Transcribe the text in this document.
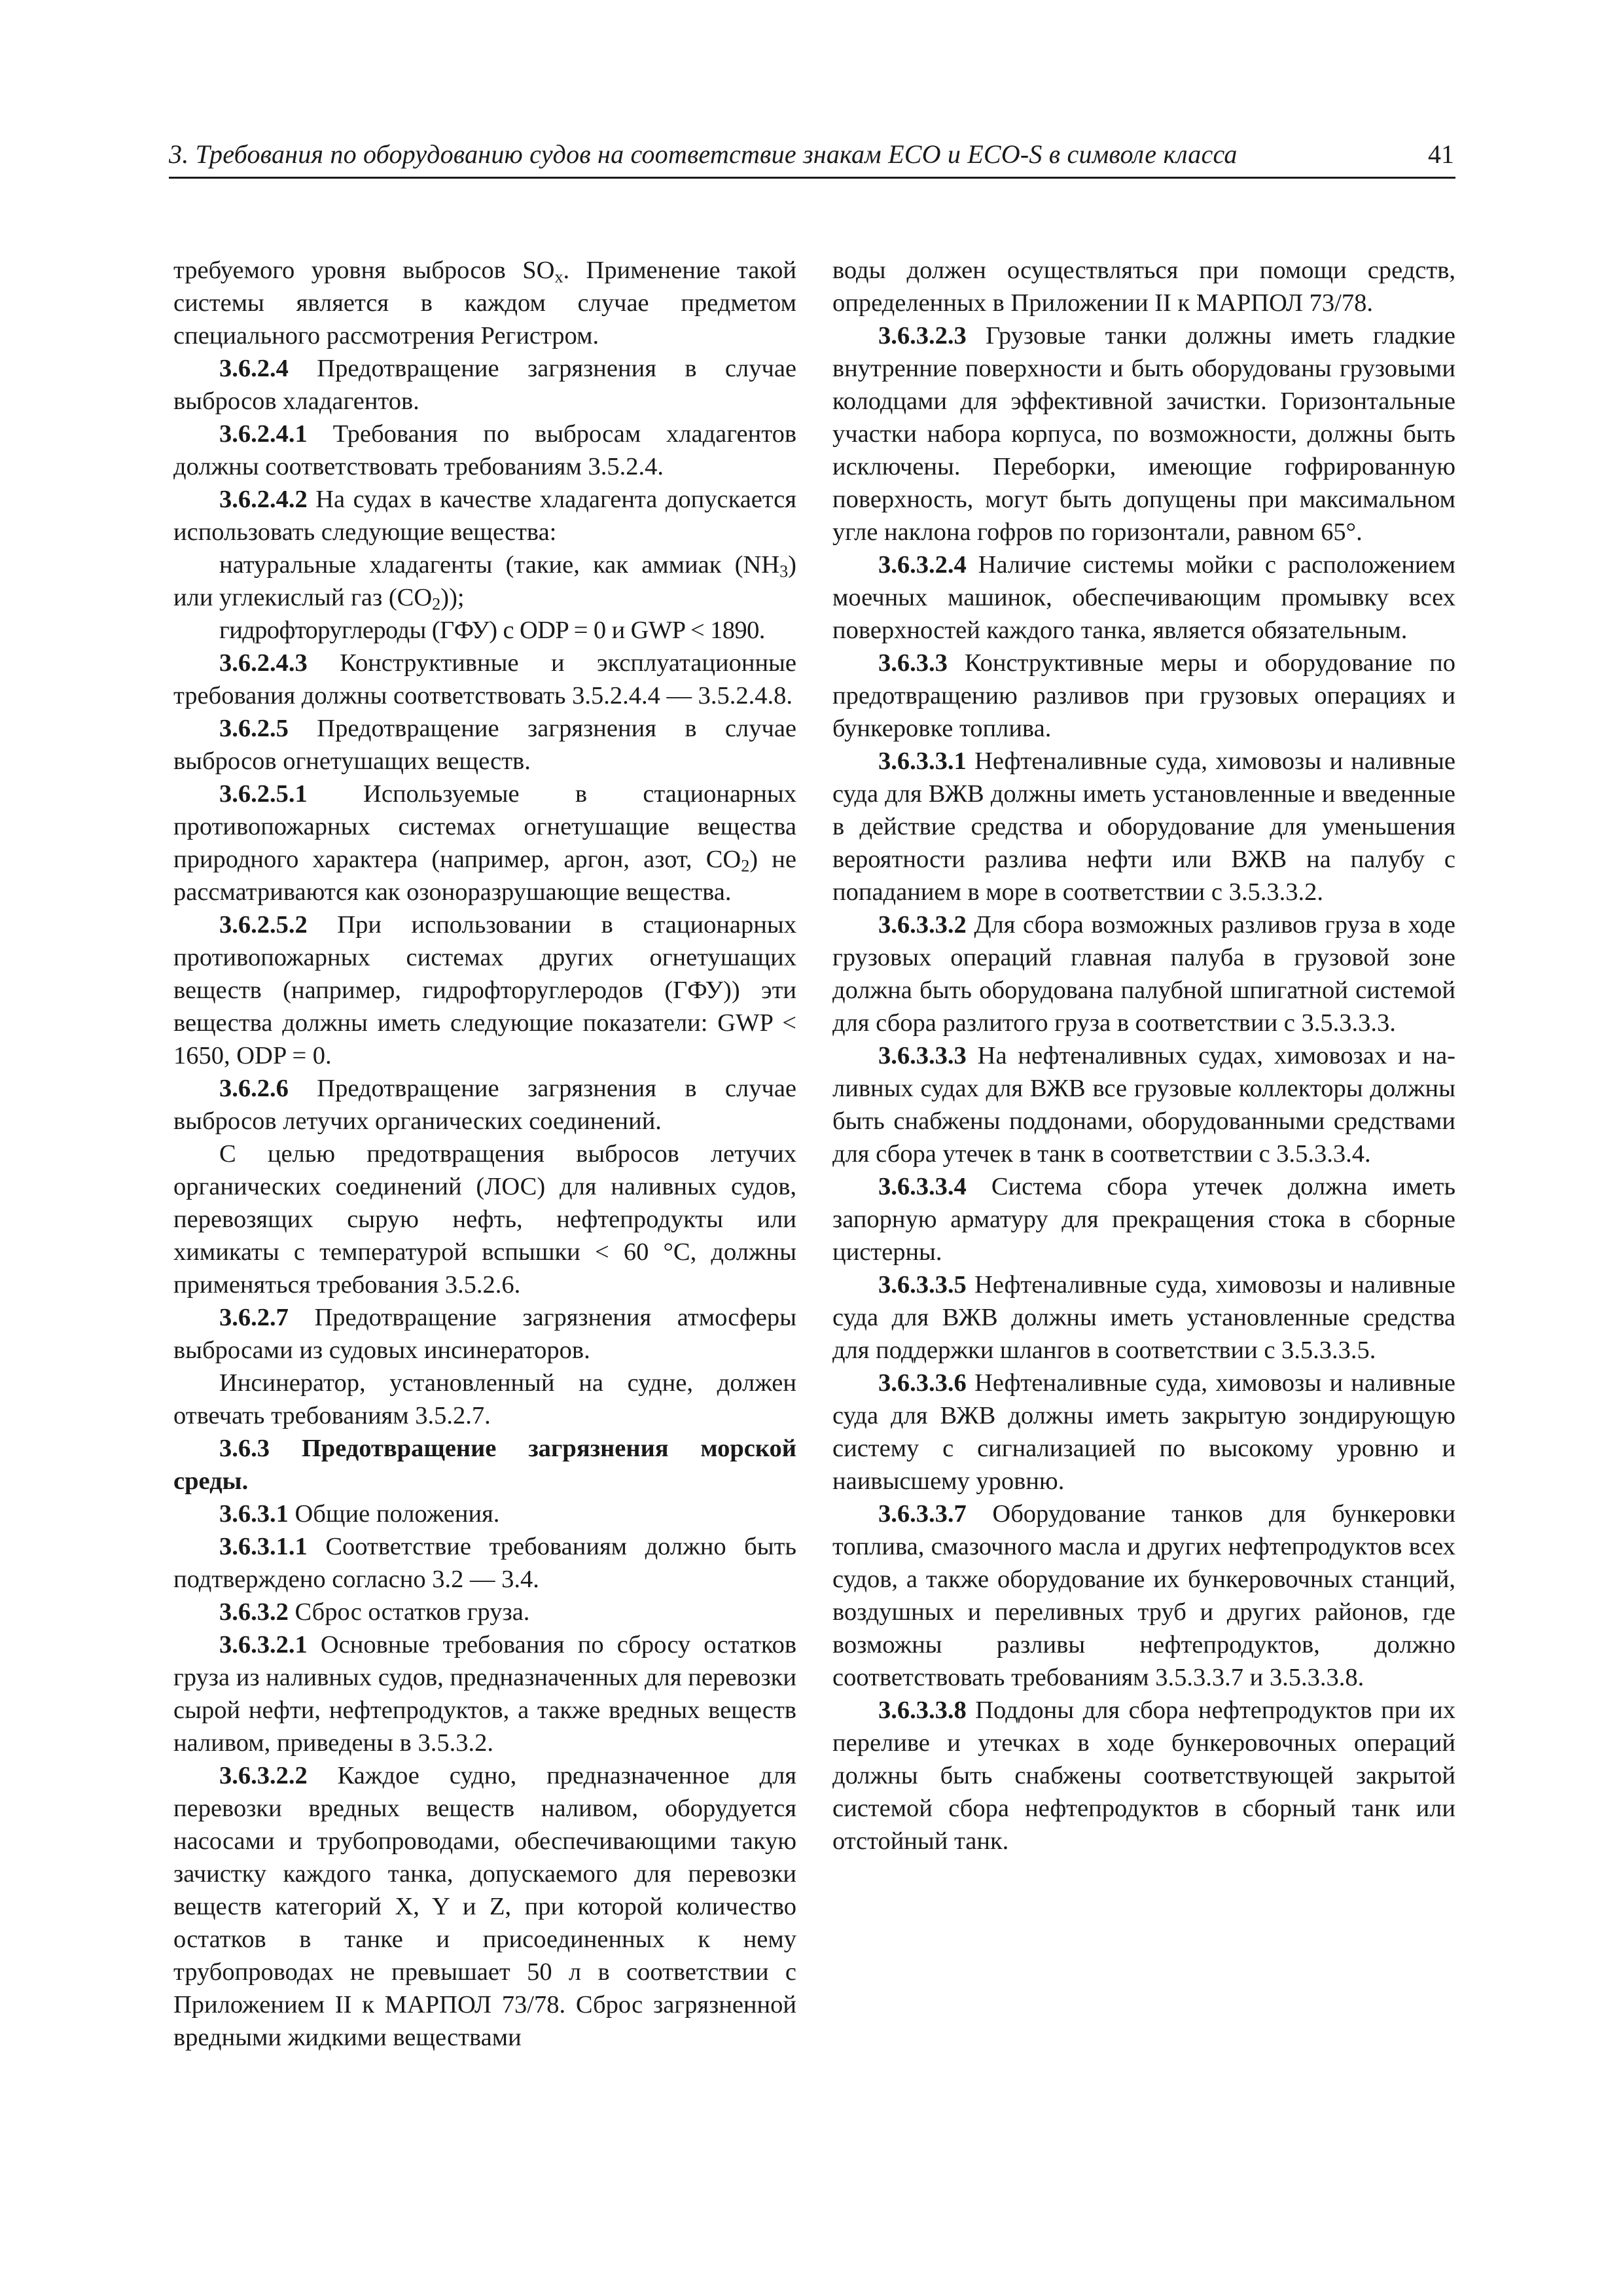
3. Требования по оборудованию судов на соответствие знакам ECO и ECO-S в символе класса	41

требуемого уровня выбросов $SO_x$. Применение такой системы является в каждом случае предметом специального рассмотрения Регистром.

3.6.2.4 Предотвращение загрязнения в случае выбросов хладагентов.

3.6.2.4.1 Требования по выбросам хладагентов должны соответствовать требованиям 3.5.2.4.

3.6.2.4.2 На судах в качестве хладагента допускается использовать следующие вещества:

натуральные хладагенты (такие, как аммиак $(NH_3)$ или углекислый газ $(CO_2)$);

гидрофторуглероды (ГФУ) с ODP = 0 и GWP < 1890.

3.6.2.4.3 Конструктивные и эксплуатационные требования должны соответствовать 3.5.2.4.4 — 3.5.2.4.8.

3.6.2.5 Предотвращение загрязнения в случае выбросов огнетушащих веществ.

3.6.2.5.1 Используемые в стационарных противопожарных системах огнетушащие вещества природного характера (например, аргон, азот, $CO_2$) не рассматриваются как озоноразрушающие вещества.

3.6.2.5.2 При использовании в стационарных противопожарных системах других огнетушащих веществ (например, гидрофторуглеродов (ГФУ)) эти вещества должны иметь следующие показатели: GWP < 1650, ODP = 0.

3.6.2.6 Предотвращение загрязнения в случае выбросов летучих органических соединений.

С целью предотвращения выбросов летучих органических соединений (ЛОС) для наливных судов, перевозящих сырую нефть, нефтепродукты или химикаты с температурой вспышки < 60 °C, должны применяться требования 3.5.2.6.

3.6.2.7 Предотвращение загрязнения атмосферы выбросами из судовых инсинераторов.

Инсинератор, установленный на судне, должен отвечать требованиям 3.5.2.7.

3.6.3 Предотвращение загрязнения морской среды.

3.6.3.1 Общие положения.

3.6.3.1.1 Соответствие требованиям должно быть подтверждено согласно 3.2 — 3.4.

3.6.3.2 Сброс остатков груза.

3.6.3.2.1 Основные требования по сбросу остатков груза из наливных судов, предназначенных для перевозки сырой нефти, нефтепродуктов, а также вредных веществ наливом, приведены в 3.5.3.2.

3.6.3.2.2 Каждое судно, предназначенное для перевозки вредных веществ наливом, оборудуется насосами и трубопроводами, обеспечивающими такую зачистку каждого танка, допускаемого для перевозки веществ категорий X, Y и Z, при которой количество остатков в танке и присоединенных к нему трубопроводах не превышает 50 л в соответствии с Приложением II к МАРПОЛ 73/78. Сброс загрязненной вредными жидкими веществами

воды должен осуществляться при помощи средств, определенных в Приложении II к МАРПОЛ 73/78.

3.6.3.2.3 Грузовые танки должны иметь гладкие внутренние поверхности и быть оборудованы грузовыми колодцами для эффективной зачистки. Горизонтальные участки набора корпуса, по возможности, должны быть исключены. Переборки, имеющие гофрированную поверхность, могут быть допущены при максимальном угле наклона гофров по горизонтали, равном 65°.

3.6.3.2.4 Наличие системы мойки с расположением моечных машинок, обеспечивающим промывку всех поверхностей каждого танка, является обязательным.

3.6.3.3 Конструктивные меры и оборудование по предотвращению разливов при грузовых операциях и бункеровке топлива.

3.6.3.3.1 Нефтеналивные суда, химовозы и наливные суда для ВЖВ должны иметь установленные и введенные в действие средства и оборудование для уменьшения вероятности разлива нефти или ВЖВ на палубу с попаданием в море в соответствии с 3.5.3.3.2.

3.6.3.3.2 Для сбора возможных разливов груза в ходе грузовых операций главная палуба в грузовой зоне должна быть оборудована палубной шпигатной системой для сбора разлитого груза в соответствии с 3.5.3.3.3.

3.6.3.3.3 На нефтеналивных судах, химовозах и на-ливных судах для ВЖВ все грузовые коллекторы должны быть снабжены поддонами, оборудованными средствами для сбора утечек в танк в соответствии с 3.5.3.3.4.

3.6.3.3.4 Система сбора утечек должна иметь запорную арматуру для прекращения стока в сборные цистерны.

3.6.3.3.5 Нефтеналивные суда, химовозы и наливные суда для ВЖВ должны иметь установленные средства для поддержки шлангов в соответствии с 3.5.3.3.5.

3.6.3.3.6 Нефтеналивные суда, химовозы и наливные суда для ВЖВ должны иметь закрытую зондирующую систему с сигнализацией по высокому уровню и наивысшему уровню.

3.6.3.3.7 Оборудование танков для бункеровки топлива, смазочного масла и других нефтепродуктов всех судов, а также оборудование их бункеровочных станций, воздушных и переливных труб и других районов, где возможны разливы нефтепродуктов, должно соответствовать требованиям 3.5.3.3.7 и 3.5.3.3.8.

3.6.3.3.8 Поддоны для сбора нефтепродуктов при их переливе и утечках в ходе бункеровочных операций должны быть снабжены соответствующей закрытой системой сбора нефтепродуктов в сборный танк или отстойный танк.
